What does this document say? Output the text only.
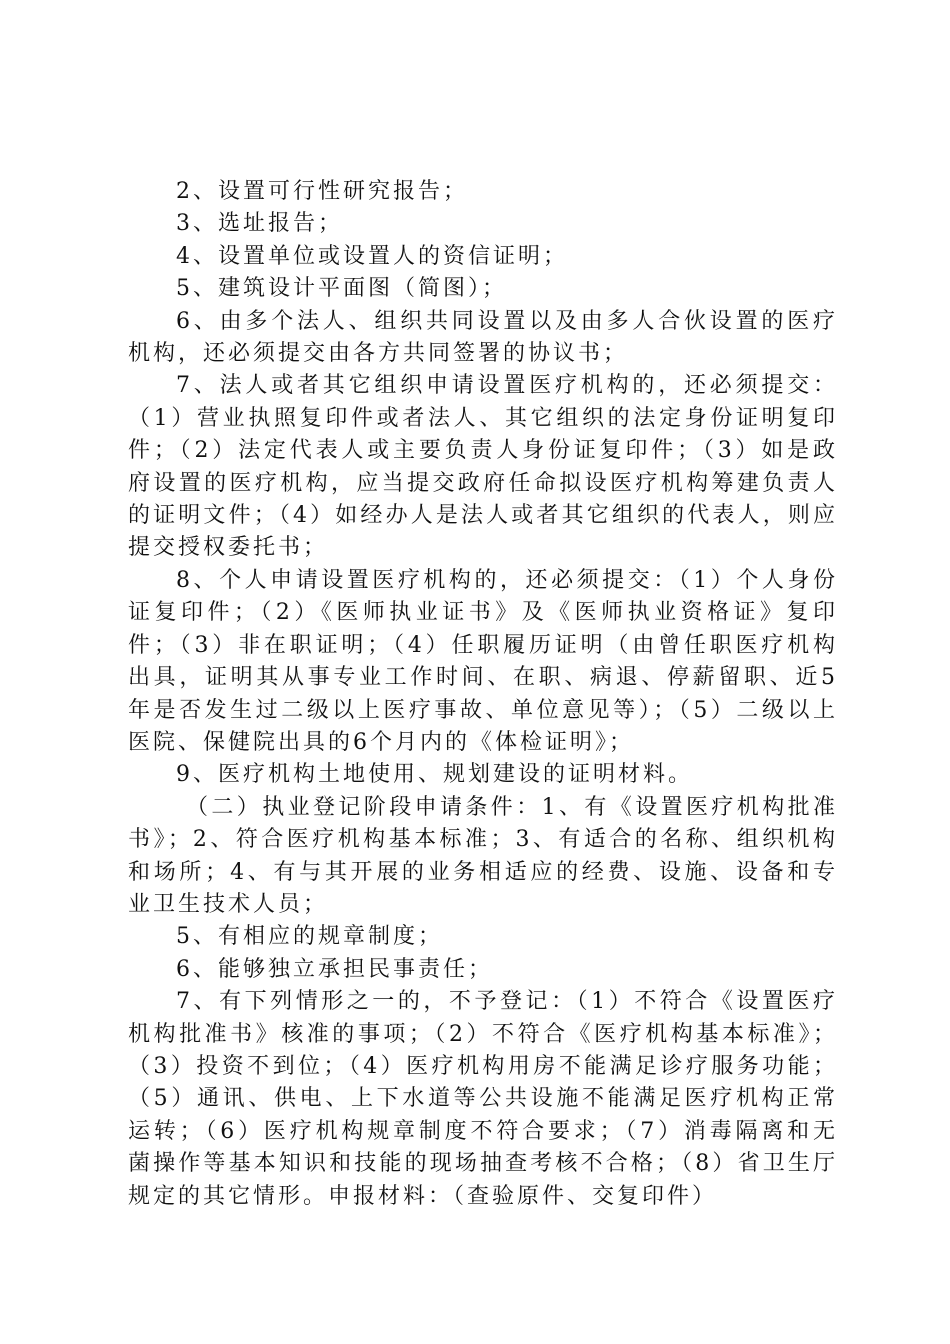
2、设置可行性研究报告；

3、选址报告；

4、设置单位或设置人的资信证明；

5、建筑设计平面图（简图）；

6、由多个法人、组织共同设置以及由多人合伙设置的医疗机构，还必须提交由各方共同签署的协议书；

7、法人或者其它组织申请设置医疗机构的，还必须提交：（1）营业执照复印件或者法人、其它组织的法定身份证明复印件；（2）法定代表人或主要负责人身份证复印件；（3）如是政府设置的医疗机构，应当提交政府任命拟设医疗机构筹建负责人的证明文件；（4）如经办人是法人或者其它组织的代表人，则应提交授权委托书；

8、个人申请设置医疗机构的，还必须提交：（1）个人身份证复印件；（2）《医师执业证书》及《医师执业资格证》复印件；（3）非在职证明；（4）任职履历证明（由曾任职医疗机构出具，证明其从事专业工作时间、在职、病退、停薪留职、近5年是否发生过二级以上医疗事故、单位意见等）；（5）二级以上医院、保健院出具的6个月内的《体检证明》；

9、医疗机构土地使用、规划建设的证明材料。

（二）执业登记阶段申请条件：1、有《设置医疗机构批准书》；2、符合医疗机构基本标准；3、有适合的名称、组织机构和场所；4、有与其开展的业务相适应的经费、设施、设备和专业卫生技术人员；

5、有相应的规章制度；

6、能够独立承担民事责任；

7、有下列情形之一的，不予登记：（1）不符合《设置医疗机构批准书》核准的事项；（2）不符合《医疗机构基本标准》；（3）投资不到位；（4）医疗机构用房不能满足诊疗服务功能；（5）通讯、供电、上下水道等公共设施不能满足医疗机构正常运转；（6）医疗机构规章制度不符合要求；（7）消毒隔离和无菌操作等基本知识和技能的现场抽查考核不合格；（8）省卫生厅规定的其它情形。申报材料：（查验原件、交复印件）
